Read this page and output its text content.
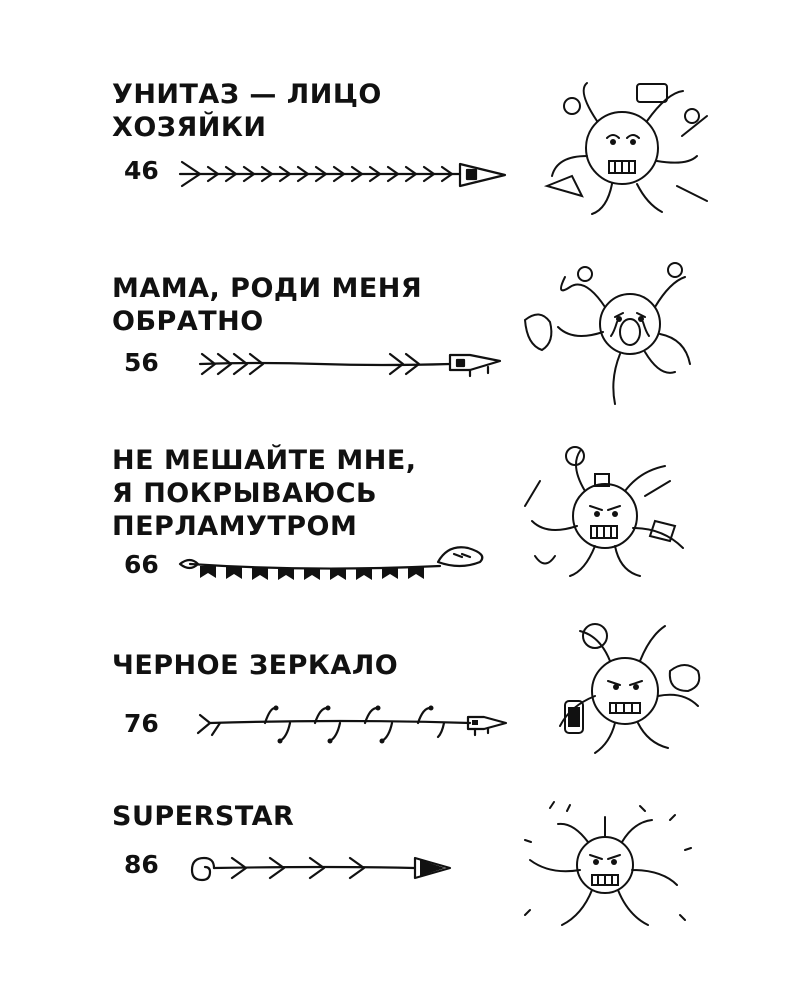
УНИТАЗ — ЛИЦО
ХОЗЯЙКИ
46
МАМА, РОДИ МЕНЯ
ОБРАТНО
56
НЕ МЕШАЙТЕ МНЕ,
Я ПОКРЫВАЮСЬ
ПЕРЛАМУТРОМ
66
ЧЕРНОЕ ЗЕРКАЛО
76
SUPERSTAR
86
